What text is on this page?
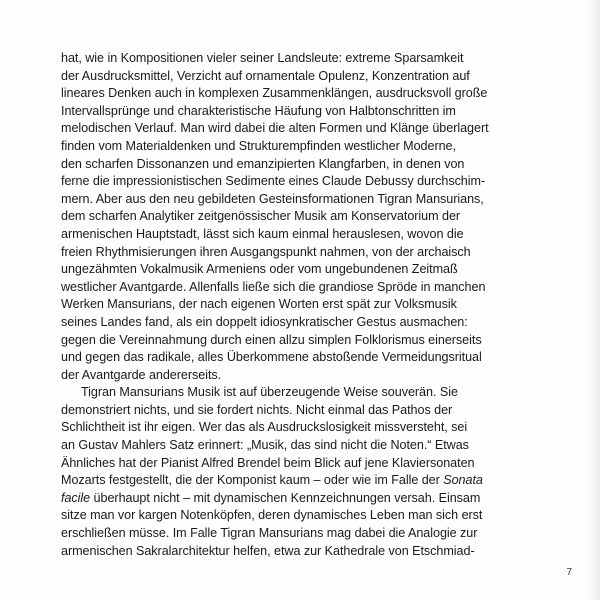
hat, wie in Kompositionen vieler seiner Landsleute: extreme Sparsamkeit
der Ausdrucksmittel, Verzicht auf ornamentale Opulenz, Konzentration auf
lineares Denken auch in komplexen Zusammenklängen, ausdrucksvoll große
Intervallsprünge und charakteristische Häufung von Halbtonschritten im
melodischen Verlauf. Man wird dabei die alten Formen und Klänge überlagert
finden vom Materialdenken und Strukturempfinden westlicher Moderne,
den scharfen Dissonanzen und emanzipierten Klangfarben, in denen von
ferne die impressionistischen Sedimente eines Claude Debussy durchschim-
mern. Aber aus den neu gebildeten Gesteinsformationen Tigran Mansurians,
dem scharfen Analytiker zeitgenössischer Musik am Konservatorium der
armenischen Hauptstadt, lässt sich kaum einmal herauslesen, wovon die
freien Rhythmisierungen ihren Ausgangspunkt nahmen, von der archaisch
ungezähmten Vokalmusik Armeniens oder vom ungebundenen Zeitmaß
westlicher Avantgarde. Allenfalls ließe sich die grandiose Spröde in manchen
Werken Mansurians, der nach eigenen Worten erst spät zur Volksmusik
seines Landes fand, als ein doppelt idiosynkratischer Gestus ausmachen:
gegen die Vereinnahmung durch einen allzu simplen Folklorismus einerseits
und gegen das radikale, alles Überkommene abstoßende Vermeidungsritual
der Avantgarde andererseits.

Tigran Mansurians Musik ist auf überzeugende Weise souverän. Sie
demonstriert nichts, und sie fordert nichts. Nicht einmal das Pathos der
Schlichtheit ist ihr eigen. Wer das als Ausdruckslosigkeit missversteht, sei
an Gustav Mahlers Satz erinnert: „Musik, das sind nicht die Noten.“ Etwas
Ähnliches hat der Pianist Alfred Brendel beim Blick auf jene Klaviersonaten
Mozarts festgestellt, die der Komponist kaum – oder wie im Falle der Sonata
facile überhaupt nicht – mit dynamischen Kennzeichnungen versah. Einsam
sitze man vor kargen Notenköpfen, deren dynamisches Leben man sich erst
erschließen müsse. Im Falle Tigran Mansurians mag dabei die Analogie zur
armenischen Sakralarchitektur helfen, etwa zur Kathedrale von Etschmiad-

7
